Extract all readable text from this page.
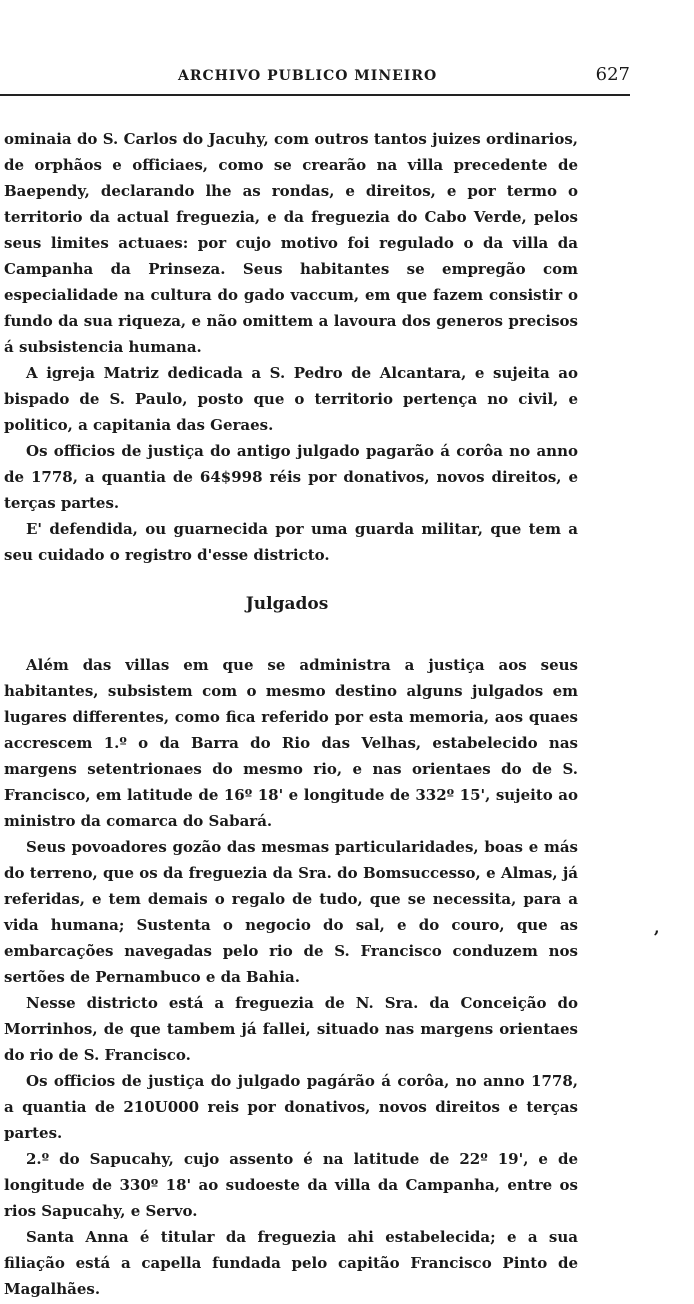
ARCHIVO PUBLICO MINEIRO	627

ominaia do S. Carlos do Jacuhy, com outros tantos juizes ordinarios, de orphãos e officiaes, como se crearão na villa precedente de Baependy, declarando lhe as rondas, e direitos, e por termo o territorio da actual freguezia, e da freguezia do Cabo Verde, pelos seus limites actuaes: por cujo motivo foi regulado o da villa da Campanha da Prinseza. Seus habitantes se empregão com especialidade na cultura do gado vaccum, em que fazem consistir o fundo da sua riqueza, e não omittem a lavoura dos generos precisos á subsistencia humana.

A igreja Matriz dedicada a S. Pedro de Alcantara, e sujeita ao bispado de S. Paulo, posto que o territorio pertença no civil, e politico, a capitania das Geraes.

Os officios de justiça do antigo julgado pagarão á corôa no anno de 1778, a quantia de 64$998 réis por donativos, novos direitos, e terças partes.

E' defendida, ou guarnecida por uma guarda militar, que tem a seu cuidado o registro d'esse districto.

Julgados

Além das villas em que se administra a justiça aos seus habitantes, subsistem com o mesmo destino alguns julgados em lugares differentes, como fica referido por esta memoria, aos quaes accrescem 1.º o da Barra do Rio das Velhas, estabelecido nas margens setentrionaes do mesmo rio, e nas orientaes do de S. Francisco, em latitude de 16º 18' e longitude de 332º 15', sujeito ao ministro da comarca do Sabará.

Seus povoadores gozão das mesmas particularidades, boas e más do terreno, que os da freguezia da Sra. do Bomsuccesso, e Almas, já referidas, e tem demais o regalo de tudo, que se necessita, para a vida humana; Sustenta o negocio do sal, e do couro, que as embarcações navegadas pelo rio de S. Francisco conduzem nos sertões de Pernambuco e da Bahia.

Nesse districto está a freguezia de N. Sra. da Conceição do Morrinhos, de que tambem já fallei, situado nas margens orientaes do rio de S. Francisco.

Os officios de justiça do julgado pagárão á corôa, no anno 1778, a quantia de 210U000 reis por donativos, novos direitos e terças partes.

2.º do Sapucahy, cujo assento é na latitude de 22º 19', e de longitude de 330º 18' ao sudoeste da villa da Campanha, entre os rios Sapucahy, e Servo.

Santa Anna é titular da freguezia ahi estabelecida; e a sua filiação está a capella fundada pelo capitão Francisco Pinto de Magalhães.

,
